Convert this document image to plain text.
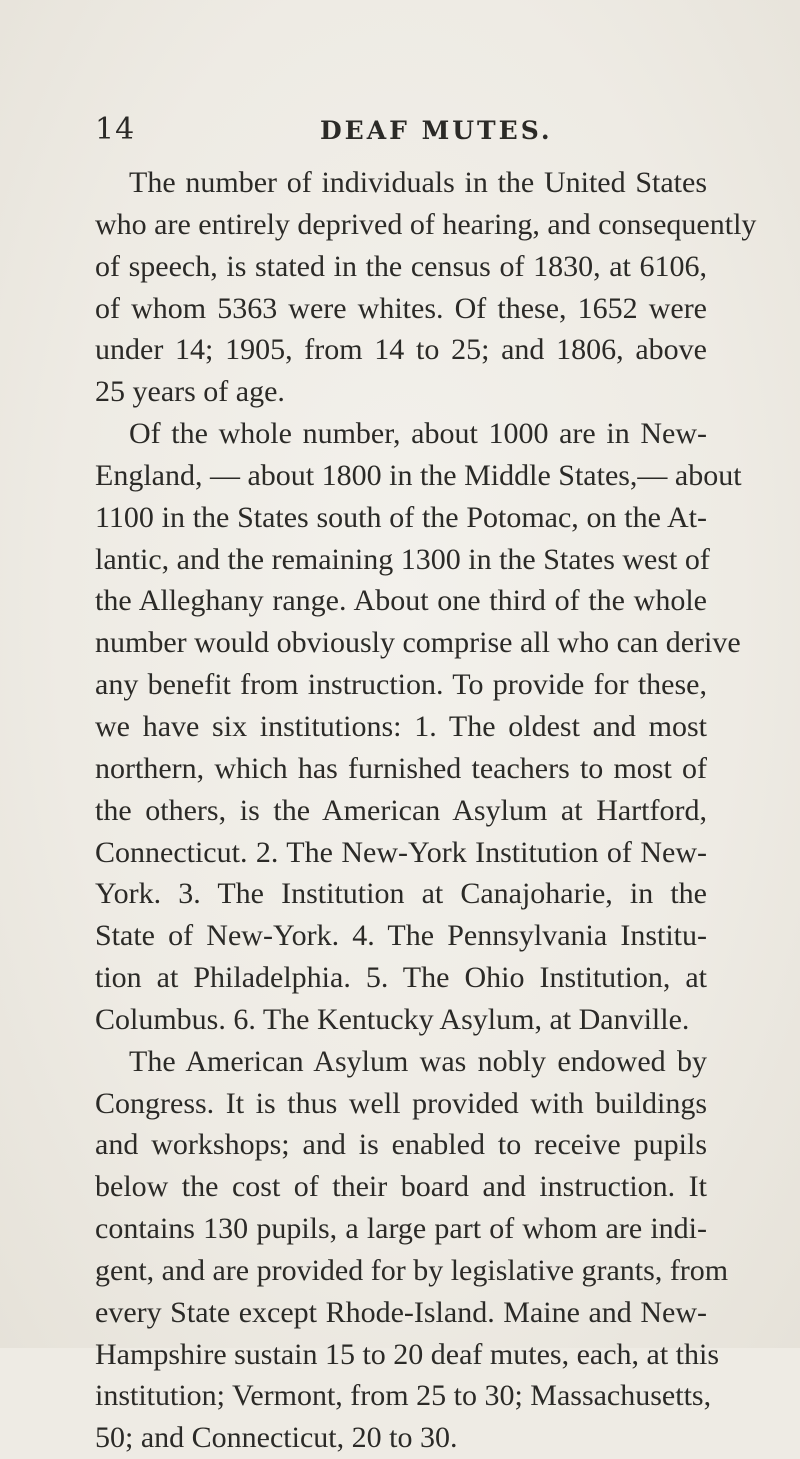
14	DEAF MUTES.
The number of individuals in the United States
who are entirely deprived of hearing, and consequently
of speech, is stated in the census of 1830, at 6106,
of whom 5363 were whites. Of these, 1652 were
under 14; 1905, from 14 to 25; and 1806, above
25 years of age.
Of the whole number, about 1000 are in New-
England, — about 1800 in the Middle States,— about
1100 in the States south of the Potomac, on the At-
lantic, and the remaining 1300 in the States west of
the Alleghany range. About one third of the whole
number would obviously comprise all who can derive
any benefit from instruction. To provide for these,
we have six institutions: 1. The oldest and most
northern, which has furnished teachers to most of
the others, is the American Asylum at Hartford,
Connecticut. 2. The New-York Institution of New-
York. 3. The Institution at Canajoharie, in the
State of New-York. 4. The Pennsylvania Institu-
tion at Philadelphia. 5. The Ohio Institution, at
Columbus. 6. The Kentucky Asylum, at Danville.
The American Asylum was nobly endowed by
Congress. It is thus well provided with buildings
and workshops; and is enabled to receive pupils
below the cost of their board and instruction. It
contains 130 pupils, a large part of whom are indi-
gent, and are provided for by legislative grants, from
every State except Rhode-Island. Maine and New-
Hampshire sustain 15 to 20 deaf mutes, each, at this
institution; Vermont, from 25 to 30; Massachusetts,
50; and Connecticut, 20 to 30.
